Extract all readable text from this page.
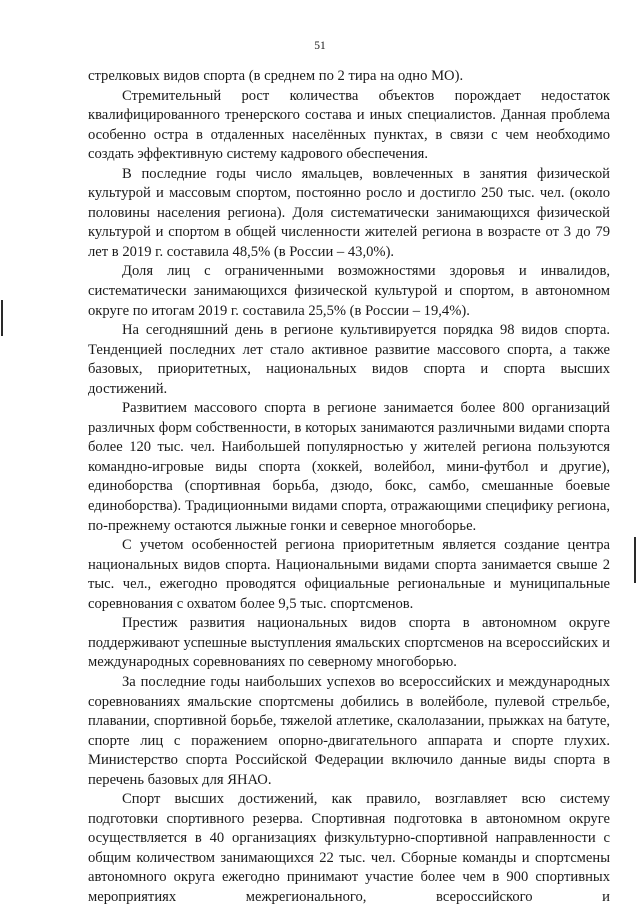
51

стрелковых видов спорта (в среднем по 2 тира на одно МО).

Стремительный рост количества объектов порождает недостаток квалифицированного тренерского состава и иных специалистов. Данная проблема особенно остра в отдаленных населённых пунктах, в связи с чем необходимо создать эффективную систему кадрового обеспечения.

В последние годы число ямальцев, вовлеченных в занятия физической культурой и массовым спортом, постоянно росло и достигло 250 тыс. чел. (около половины населения региона). Доля систематически занимающихся физической культурой и спортом в общей численности жителей региона в возрасте от 3 до 79 лет в 2019 г. составила 48,5% (в России – 43,0%).

Доля лиц с ограниченными возможностями здоровья и инвалидов, систематически занимающихся физической культурой и спортом, в автономном округе по итогам 2019 г. составила 25,5% (в России – 19,4%).

На сегодняшний день в регионе культивируется порядка 98 видов спорта. Тенденцией последних лет стало активное развитие массового спорта, а также базовых, приоритетных, национальных видов спорта и спорта высших достижений.

Развитием массового спорта в регионе занимается более 800 организаций различных форм собственности, в которых занимаются различными видами спорта более 120 тыс. чел. Наибольшей популярностью у жителей региона пользуются командно-игровые виды спорта (хоккей, волейбол, мини-футбол и другие), единоборства (спортивная борьба, дзюдо, бокс, самбо, смешанные боевые единоборства). Традиционными видами спорта, отражающими специфику региона, по-прежнему остаются лыжные гонки и северное многоборье.

С учетом особенностей региона приоритетным является создание центра национальных видов спорта. Национальными видами спорта занимается свыше 2 тыс. чел., ежегодно проводятся официальные региональные и муниципальные соревнования с охватом более 9,5 тыс. спортсменов.

Престиж развития национальных видов спорта в автономном округе поддерживают успешные выступления ямальских спортсменов на всероссийских и международных соревнованиях по северному многоборью.

За последние годы наибольших успехов во всероссийских и международных соревнованиях ямальские спортсмены добились в волейболе, пулевой стрельбе, плавании, спортивной борьбе, тяжелой атлетике, скалолазании, прыжках на батуте, спорте лиц с поражением опорно-двигательного аппарата и спорте глухих. Министерство спорта Российской Федерации включило данные виды спорта в перечень базовых для ЯНАО.

Спорт высших достижений, как правило, возглавляет всю систему подготовки спортивного резерва. Спортивная подготовка в автономном округе осуществляется в 40 организациях физкультурно-спортивной направленности с общим количеством занимающихся 22 тыс. чел. Сборные команды и спортсмены автономного округа ежегодно принимают участие более чем в 900 спортивных мероприятиях межрегионального, всероссийского и
